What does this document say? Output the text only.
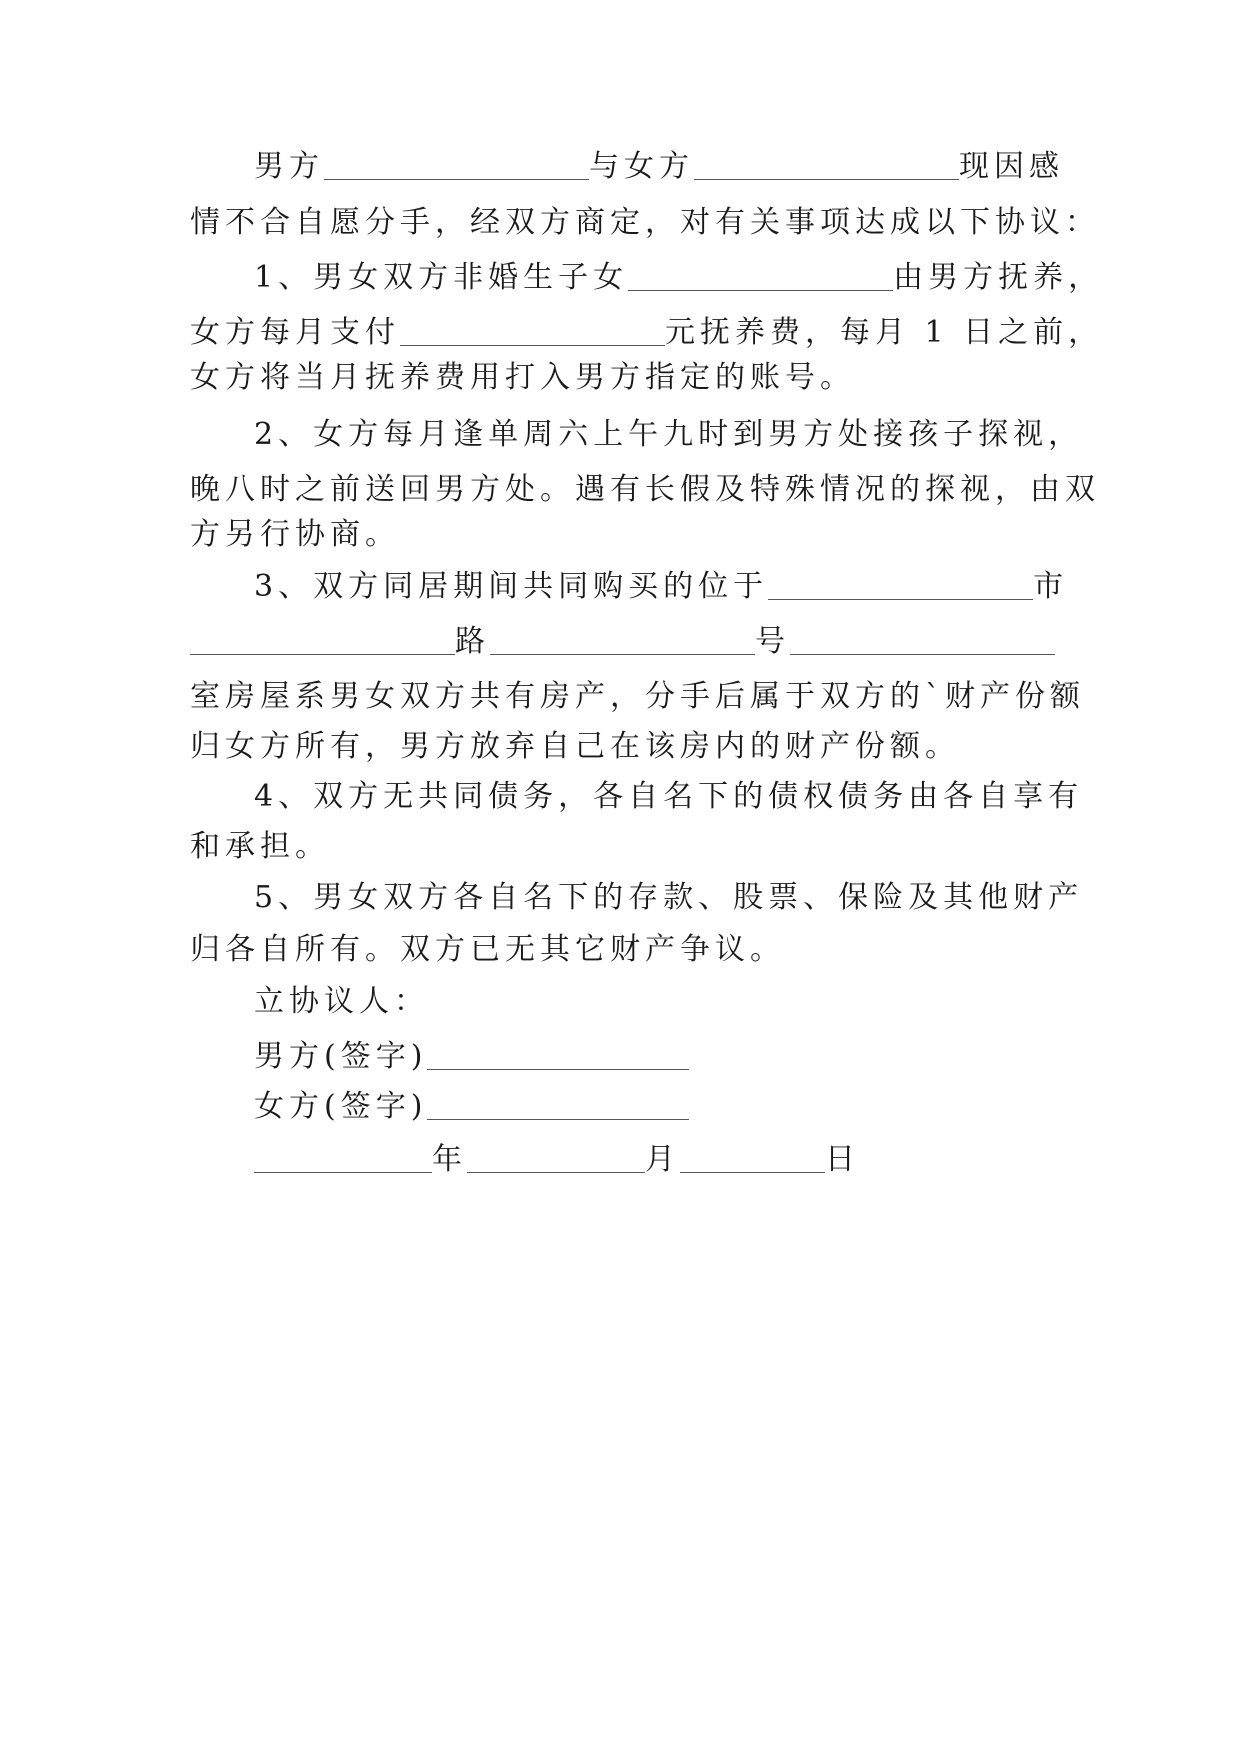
男方	与女方	现因感
情不合自愿分手，经双方商定，对有关事项达成以下协议：
1、男女双方非婚生子女	由男方抚养，
女方每月支付	元抚养费，每月 1 日之前，
女方将当月抚养费用打入男方指定的账号。
2、女方每月逢单周六上午九时到男方处接孩子探视，
晚八时之前送回男方处。遇有长假及特殊情况的探视，由双
方另行协商。
3、双方同居期间共同购买的位于	市
路	号
室房屋系男女双方共有房产，分手后属于双方的`财产份额
归女方所有，男方放弃自己在该房内的财产份额。
4、双方无共同债务，各自名下的债权债务由各自享有
和承担。
5、男女双方各自名下的存款、股票、保险及其他财产
归各自所有。双方已无其它财产争议。
立协议人：
男方(签字)
女方(签字)
年	月	日
